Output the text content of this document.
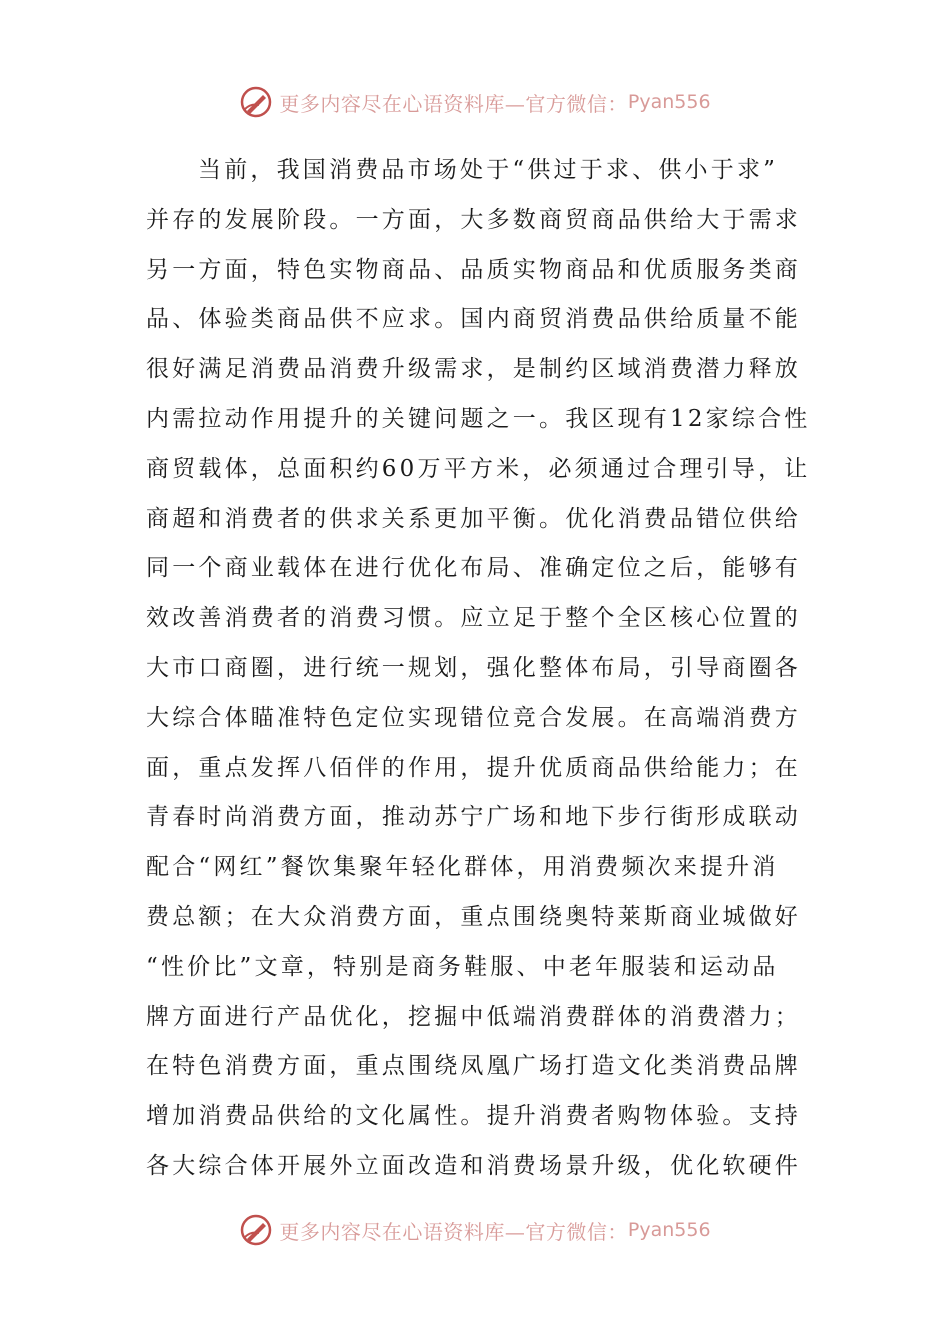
更多内容尽在心语资料库—官方微信： Pyan556
当前，我国消费品市场处于“供过于求、供小于求”
并存的发展阶段。一方面，大多数商贸商品供给大于需求
另一方面，特色实物商品、品质实物商品和优质服务类商
品、体验类商品供不应求。国内商贸消费品供给质量不能
很好满足消费品消费升级需求，是制约区域消费潜力释放
内需拉动作用提升的关键问题之一。我区现有12家综合性
商贸载体，总面积约60万平方米，必须通过合理引导，让
商超和消费者的供求关系更加平衡。优化消费品错位供给
同一个商业载体在进行优化布局、准确定位之后，能够有
效改善消费者的消费习惯。应立足于整个全区核心位置的
大市口商圈，进行统一规划，强化整体布局，引导商圈各
大综合体瞄准特色定位实现错位竞合发展。在高端消费方
面，重点发挥八佰伴的作用，提升优质商品供给能力；在
青春时尚消费方面，推动苏宁广场和地下步行街形成联动
配合“网红”餐饮集聚年轻化群体，用消费频次来提升消
费总额；在大众消费方面，重点围绕奥特莱斯商业城做好
“性价比”文章，特别是商务鞋服、中老年服装和运动品
牌方面进行产品优化，挖掘中低端消费群体的消费潜力；
在特色消费方面，重点围绕凤凰广场打造文化类消费品牌
增加消费品供给的文化属性。提升消费者购物体验。支持
各大综合体开展外立面改造和消费场景升级，优化软硬件
更多内容尽在心语资料库—官方微信： Pyan556
